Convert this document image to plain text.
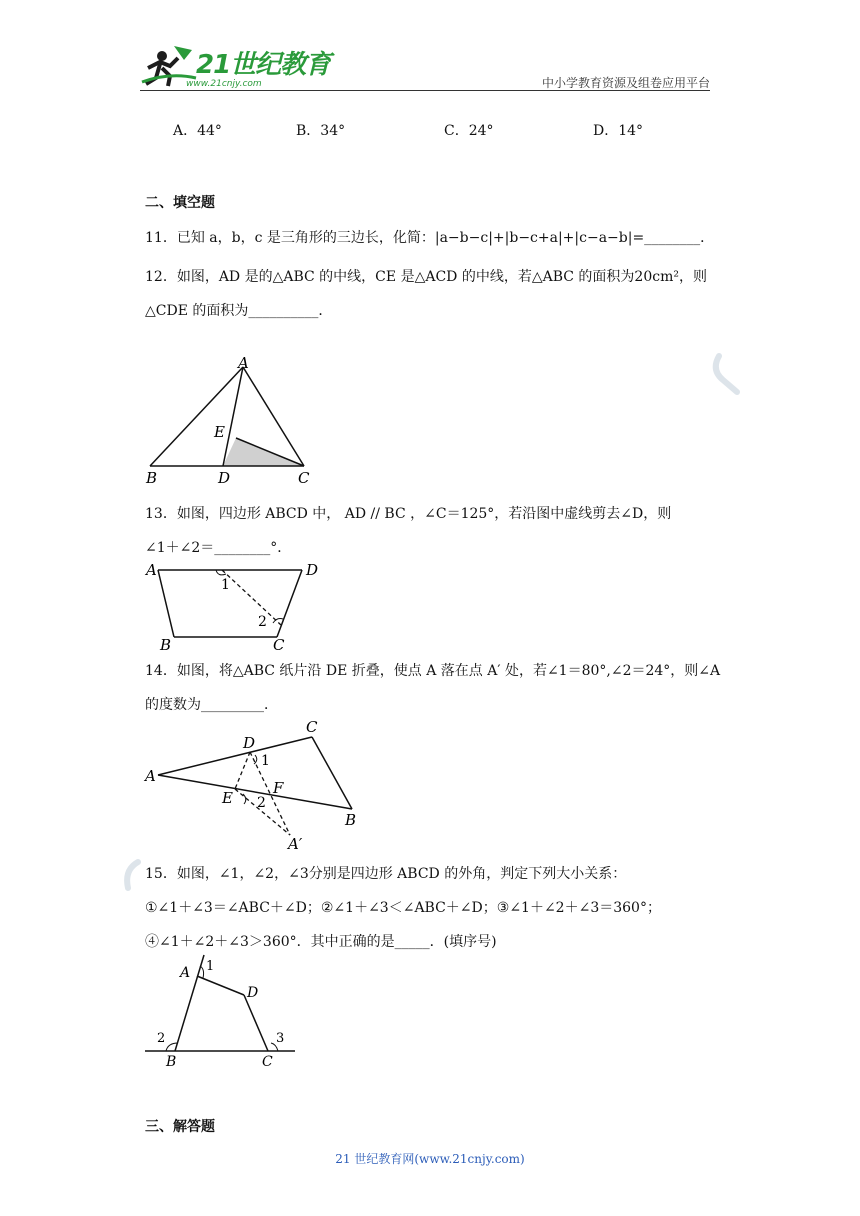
21世纪教育
www.21cnjy.com	中小学教育资源及组卷应用平台
A．44°	B．34°	C．24°	D．14°
二、填空题
11．已知 a，b，c 是三角形的三边长，化简：|a−b−c|+|b−c+a|+|c−a−b|=________．
12．如图，AD 是的△ABC 的中线，CE 是△ACD 的中线，若△ABC 的面积为20cm²，则
△CDE 的面积为__________．
A
B	C
D
E
13．如图，四边形 ABCD 中， AD // BC ，∠C＝125°，若沿图中虚线剪去∠D，则
∠1＋∠2＝________°．
A	D
B	C
1
2
14．如图，将△ABC 纸片沿 DE 折叠，使点 A 落在点 A′ 处，若∠1＝80°,∠2＝24°，则∠A
的度数为_________．
A
C
B
D
E
F
A′
1
2
15．如图，∠1，∠2，∠3分别是四边形 ABCD 的外角，判定下列大小关系：
①∠1＋∠3＝∠ABC＋∠D；②∠1＋∠3＜∠ABC＋∠D；③∠1＋∠2＋∠3＝360°；
④∠1＋∠2＋∠3＞360°．其中正确的是_____．(填序号)
A
D
B	C
1
2	3
三、解答题
21 世纪教育网(www.21cnjy.com)
